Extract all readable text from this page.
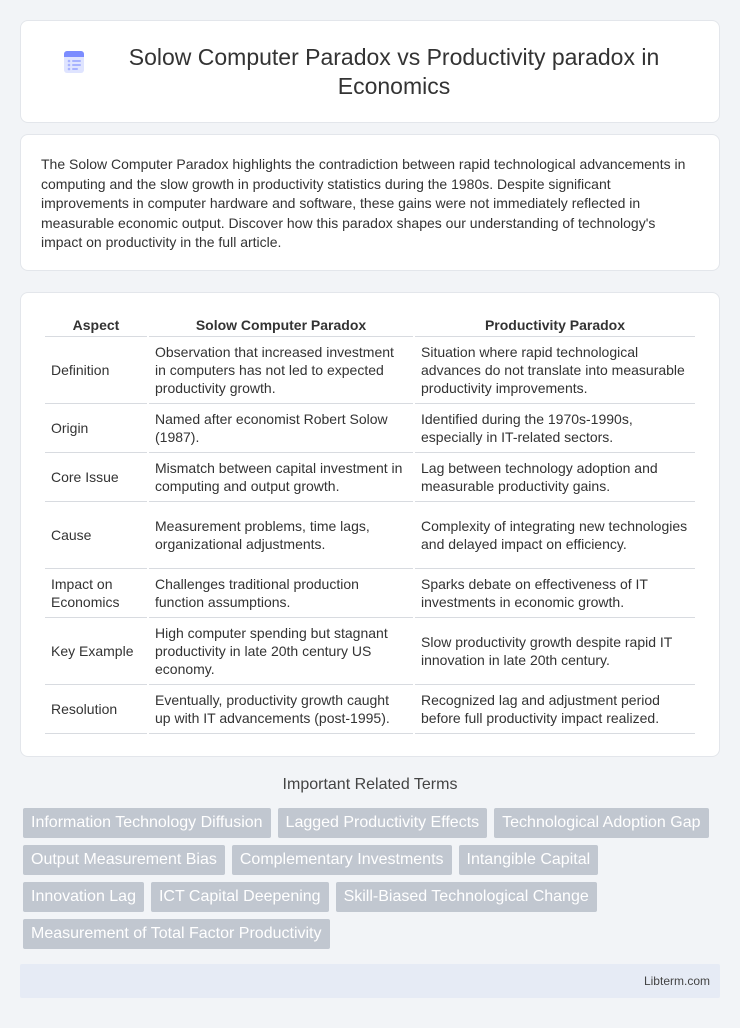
Solow Computer Paradox vs Productivity paradox in Economics

The Solow Computer Paradox highlights the contradiction between rapid technological advancements in computing and the slow growth in productivity statistics during the 1980s. Despite significant improvements in computer hardware and software, these gains were not immediately reflected in measurable economic output. Discover how this paradox shapes our understanding of technology's impact on productivity in the full article.

Aspect	Solow Computer Paradox	Productivity Paradox
Definition	Observation that increased investment in computers has not led to expected productivity growth.	Situation where rapid technological advances do not translate into measurable productivity improvements.
Origin	Named after economist Robert Solow (1987).	Identified during the 1970s-1990s, especially in IT-related sectors.
Core Issue	Mismatch between capital investment in computing and output growth.	Lag between technology adoption and measurable productivity gains.
Cause	Measurement problems, time lags, organizational adjustments.	Complexity of integrating new technologies and delayed impact on efficiency.
Impact on Economics	Challenges traditional production function assumptions.	Sparks debate on effectiveness of IT investments in economic growth.
Key Example	High computer spending but stagnant productivity in late 20th century US economy.	Slow productivity growth despite rapid IT innovation in late 20th century.
Resolution	Eventually, productivity growth caught up with IT advancements (post-1995).	Recognized lag and adjustment period before full productivity impact realized.
Important Related Terms
Information Technology Diffusion	Lagged Productivity Effects	Technological Adoption Gap
Output Measurement Bias	Complementary Investments	Intangible Capital
Innovation Lag	ICT Capital Deepening	Skill-Biased Technological Change
Measurement of Total Factor Productivity
Libterm.com
